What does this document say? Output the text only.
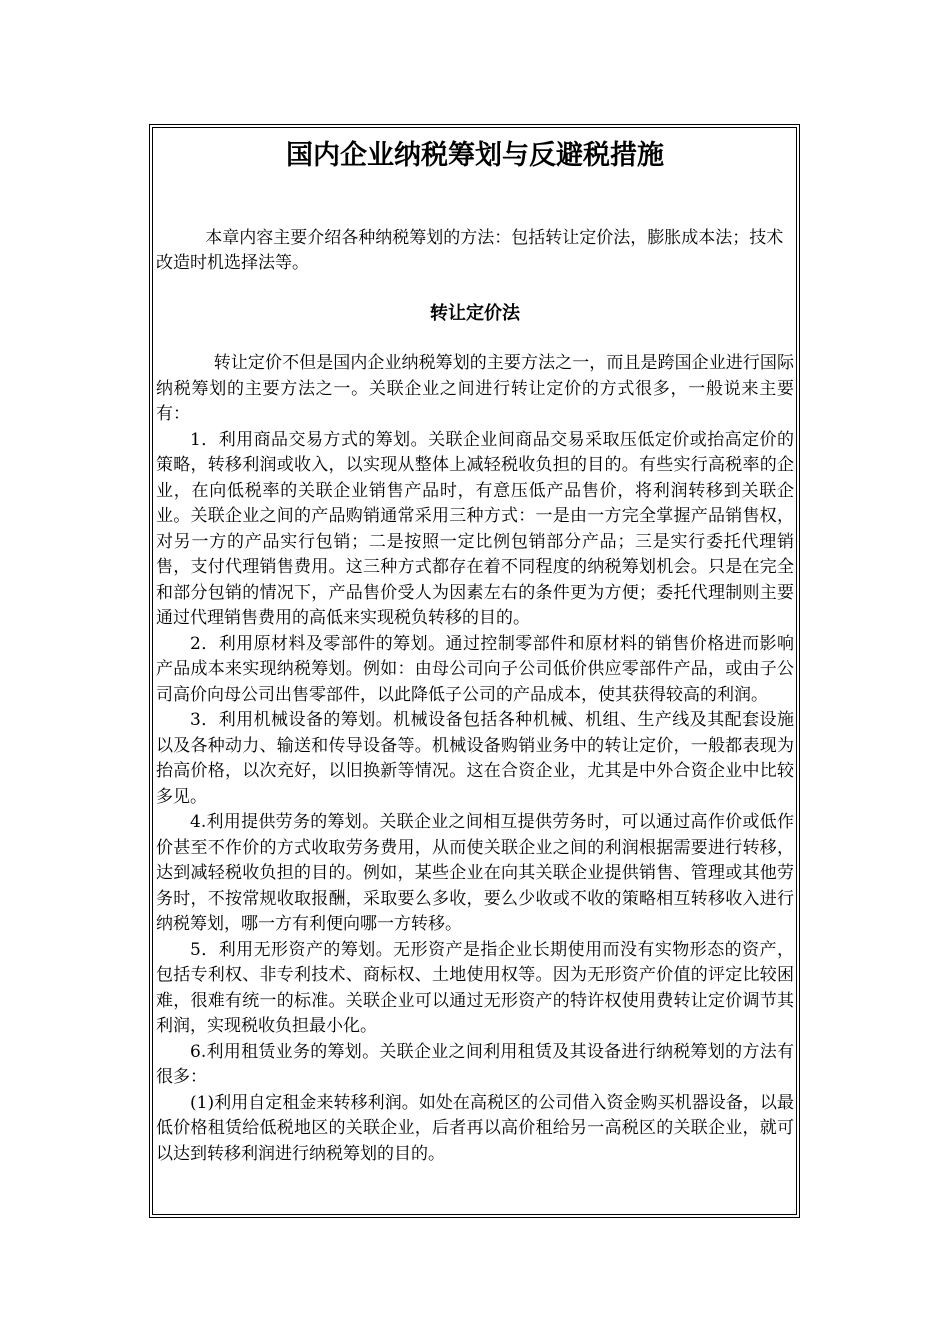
国内企业纳税筹划与反避税措施

本章内容主要介绍各种纳税筹划的方法：包括转让定价法，膨胀成本法；技术改造时机选择法等。

转让定价法

转让定价不但是国内企业纳税筹划的主要方法之一，而且是跨国企业进行国际纳税筹划的主要方法之一。关联企业之间进行转让定价的方式很多，一般说来主要有：

1．利用商品交易方式的筹划。关联企业间商品交易采取压低定价或抬高定价的策略，转移利润或收入，以实现从整体上减轻税收负担的目的。有些实行高税率的企业，在向低税率的关联企业销售产品时，有意压低产品售价，将利润转移到关联企业。关联企业之间的产品购销通常采用三种方式：一是由一方完全掌握产品销售权，对另一方的产品实行包销；二是按照一定比例包销部分产品；三是实行委托代理销售，支付代理销售费用。这三种方式都存在着不同程度的纳税筹划机会。只是在完全和部分包销的情况下，产品售价受人为因素左右的条件更为方便；委托代理制则主要通过代理销售费用的高低来实现税负转移的目的。

2．利用原材料及零部件的筹划。通过控制零部件和原材料的销售价格进而影响产品成本来实现纳税筹划。例如：由母公司向子公司低价供应零部件产品，或由子公司高价向母公司出售零部件，以此降低子公司的产品成本，使其获得较高的利润。

3．利用机械设备的筹划。机械设备包括各种机械、机组、生产线及其配套设施以及各种动力、输送和传导设备等。机械设备购销业务中的转让定价，一般都表现为抬高价格，以次充好，以旧换新等情况。这在合资企业，尤其是中外合资企业中比较多见。

4.利用提供劳务的筹划。关联企业之间相互提供劳务时，可以通过高作价或低作价甚至不作价的方式收取劳务费用，从而使关联企业之间的利润根据需要进行转移，达到减轻税收负担的目的。例如，某些企业在向其关联企业提供销售、管理或其他劳务时，不按常规收取报酬，采取要么多收，要么少收或不收的策略相互转移收入进行纳税筹划，哪一方有利便向哪一方转移。

5．利用无形资产的筹划。无形资产是指企业长期使用而没有实物形态的资产，包括专利权、非专利技术、商标权、土地使用权等。因为无形资产价值的评定比较困难，很难有统一的标准。关联企业可以通过无形资产的特许权使用费转让定价调节其利润，实现税收负担最小化。

6.利用租赁业务的筹划。关联企业之间利用租赁及其设备进行纳税筹划的方法有很多：

(1)利用自定租金来转移利润。如处在高税区的公司借入资金购买机器设备，以最低价格租赁给低税地区的关联企业，后者再以高价租给另一高税区的关联企业，就可以达到转移利润进行纳税筹划的目的。
